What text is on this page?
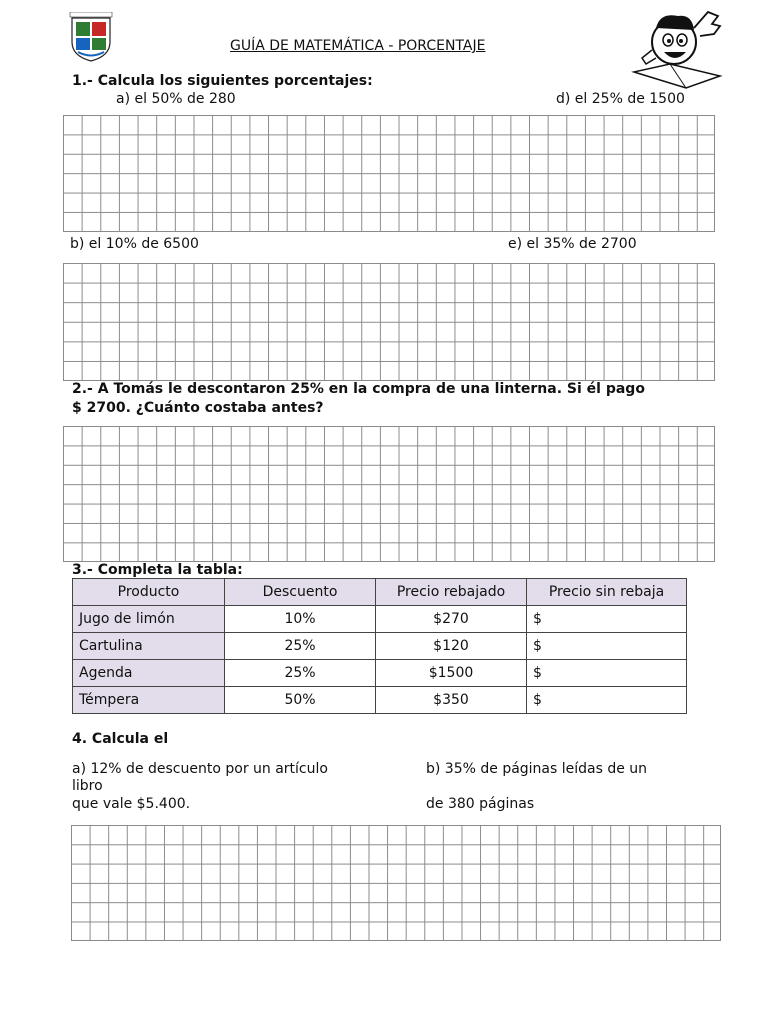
GUÍA DE MATEMÁTICA - PORCENTAJE
1.- Calcula los siguientes porcentajes:
a) el 50% de 280	d) el 25% de 1500
b) el 10% de 6500	e) el 35% de 2700
2.- A Tomás le descontaron 25% en la compra de una linterna. Si él pago
$ 2700. ¿Cuánto costaba antes?
3.- Completa la tabla:
Producto	Descuento	Precio rebajado	Precio sin rebaja
Jugo de limón	10%	$270	$
Cartulina	25%	$120	$
Agenda	25%	$1500	$
Témpera	50%	$350	$
4. Calcula el
a) 12% de descuento por un artículo
libro
que vale $5.400.
b) 35% de páginas leídas de un
de 380 páginas
